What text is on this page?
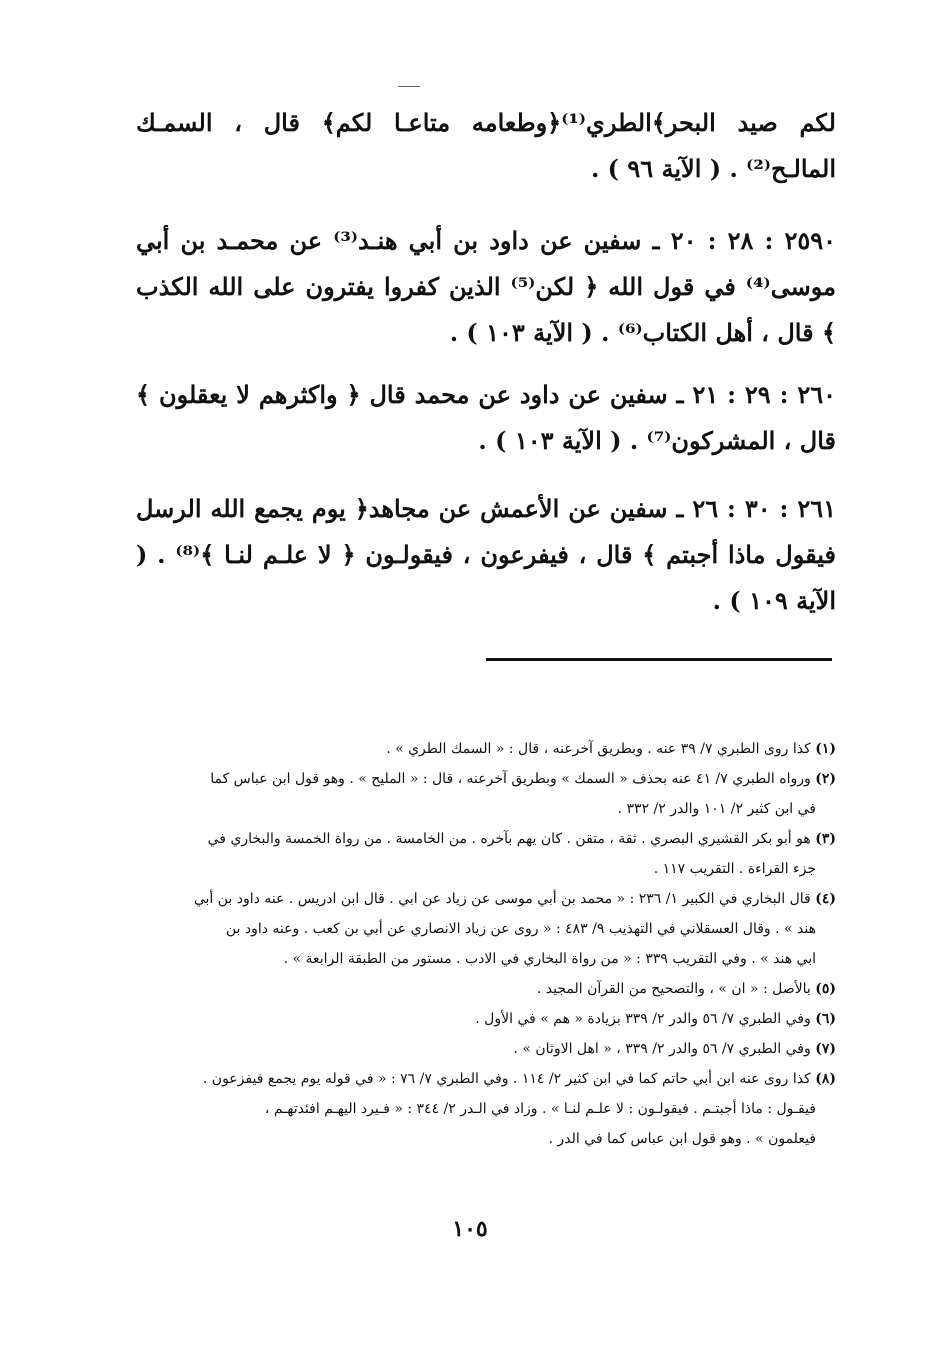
لكم صيد البحر﴾الطري⁽¹⁾﴿وطعامه متاعـا لكم﴾ قال ، السمـك المالـح⁽²⁾ . ( الآية ٩٦ ) .

٢٥٩٠ : ٢٨ : ٢٠ ـ سفين عن داود بن أبي هنـد⁽³⁾ عن محمـد بن أبي موسى⁽⁴⁾ في قول الله ﴿ لكن⁽⁵⁾ الذين كفروا يفترون على الله الكذب ﴾ قال ، أهل الكتاب⁽⁶⁾ . ( الآية ١٠٣ ) .

٢٦٠ : ٢٩ : ٢١ ـ سفين عن داود عن محمد قال ﴿ واكثرهم لا يعقلون ﴾ قال ، المشركون⁽⁷⁾ . ( الآية ١٠٣ ) .

٢٦١ : ٣٠ : ٢٦ ـ سفين عن الأعمش عن مجاهد﴿ يوم يجمع الله الرسل فيقول ماذا أجبتم ﴾ قال ، فيفرعون ، فيقولـون ﴿ لا علـم لنـا ﴾⁽⁸⁾ . ( الآية ١٠٩ ) .

(١) كذا روى الطبري ٧/ ٣٩ عنه . وبطريق آخرعنه ، قال : « السمك الطري » .

(٢) ورواه الطبري ٧/ ٤١ عنه بحذف « السمك » وبطريق آخرعنه ، قال : « المليح » . وهو قول ابن عباس كما

في ابن كثير ٢/ ١٠١ والدر ٢/ ٣٣٢ .

(٣) هو أبو بكر القشيري البصري . ثقة ، متقن . كان يهم بآخره . من الخامسة . من رواة الخمسة والبخاري في

جزء القراءة . التقريب ١١٧ .

(٤) قال البخاري في الكبير ١/ ٢٣٦ : « محمد بن أبي موسى عن زياد عن ابي . قال ابن ادريس . عنه داود بن أبي

هند » . وقال العسقلاني في التهذيب ٩/ ٤٨٣ : « روى عن زياد الانصاري عن أبي بن كعب . وعنه داود بن

ابي هند » . وفي التقريب ٣٣٩ : « من رواة البخاري في الادب . مستور من الطبقة الرابعة » .

(٥) بالأصل : « ان » ، والتصحيح من القرآن المجيد .

(٦) وفي الطبري ٧/ ٥٦ والدر ٢/ ٣٣٩ بزيادة « هم » في الأول .

(٧) وفي الطبري ٧/ ٥٦ والدر ٢/ ٣٣٩ ، « اهل الاوثان » .

(٨) كذا روى عنه ابن أبي حاتم كما في ابن كثير ٢/ ١١٤ . وفي الطبري ٧/ ٧٦ : « في قوله يوم يجمع فيفزعون .

فيقـول : ماذا أجبتـم . فيقولـون : لا علـم لنـا » . وزاد في الـدر ٢/ ٣٤٤ : « فـيرد اليهـم افئدتهـم ،

فيعلمون » . وهو قول ابن عباس كما في الدر .

١٠٥
